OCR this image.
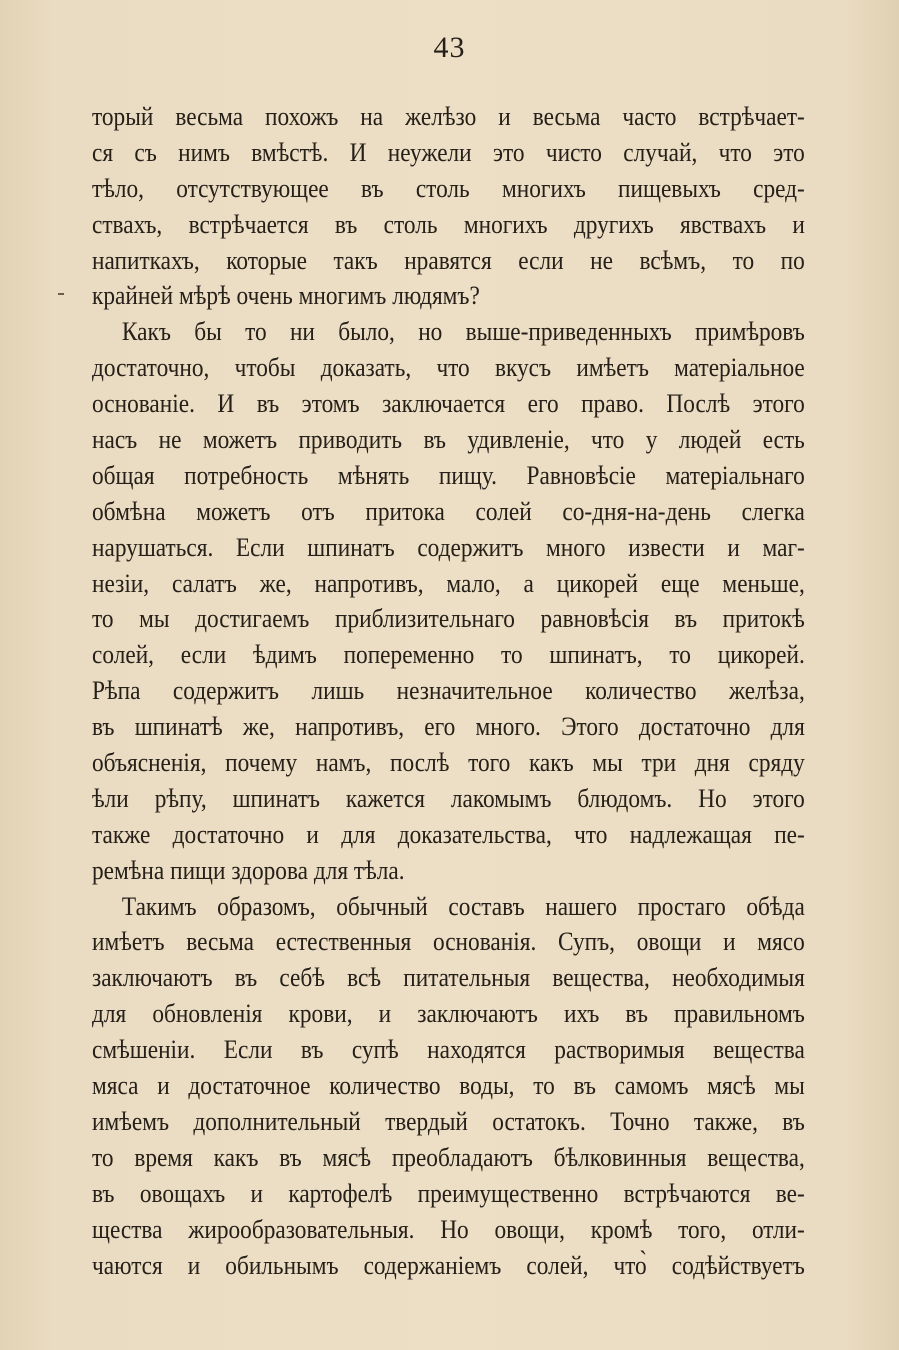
43
торый весьма похожъ на желѣзо и весьма часто встрѣчает-
ся съ нимъ вмѣстѣ. И неужели это чисто случай, что это
тѣло, отсутствующее въ столь многихъ пищевыхъ сред-
ствахъ, встрѣчается въ столь многихъ другихъ явствахъ и
напиткахъ, которые такъ нравятся если не всѣмъ, то по
крайней мѣрѣ очень многимъ людямъ?
Какъ бы то ни было, но выше-приведенныхъ примѣровъ
достаточно, чтобы доказать, что вкусъ имѣетъ матеріальное
основаніе. И въ этомъ заключается его право. Послѣ этого
насъ не можетъ приводить въ удивленіе, что у людей есть
общая потребность мѣнять пищу. Равновѣсіе матеріальнаго
обмѣна можетъ отъ притока солей со-дня-на-день слегка
нарушаться. Если шпинатъ содержитъ много извести и маг-
незіи, салатъ же, напротивъ, мало, а цикорей еще меньше,
то мы достигаемъ приблизительнаго равновѣсія въ притокѣ
солей, если ѣдимъ попеременно то шпинатъ, то цикорей.
Рѣпа содержитъ лишь незначительное количество желѣза,
въ шпинатѣ же, напротивъ, его много. Этого достаточно для
объясненія, почему намъ, послѣ того какъ мы три дня сряду
ѣли рѣпу, шпинатъ кажется лакомымъ блюдомъ. Но этого
также достаточно и для доказательства, что надлежащая пе-
ремѣна пищи здорова для тѣла.
Такимъ образомъ, обычный составъ нашего простаго обѣда
имѣетъ весьма естественныя основанія. Супъ, овощи и мясо
заключаютъ въ себѣ всѣ питательныя вещества, необходимыя
для обновленія крови, и заключаютъ ихъ въ правильномъ
смѣшеніи. Если въ супѣ находятся растворимыя вещества
мяса и достаточное количество воды, то въ самомъ мясѣ мы
имѣемъ дополнительный твердый остатокъ. Точно также, въ
то время какъ въ мясѣ преобладаютъ бѣлковинныя вещества,
въ овощахъ и картофелѣ преимущественно встрѣчаются ве-
щества жирообразовательныя. Но овощи, кромѣ того, отли-
чаются и обильнымъ содержаніемъ солей, что̀ содѣйствуетъ
